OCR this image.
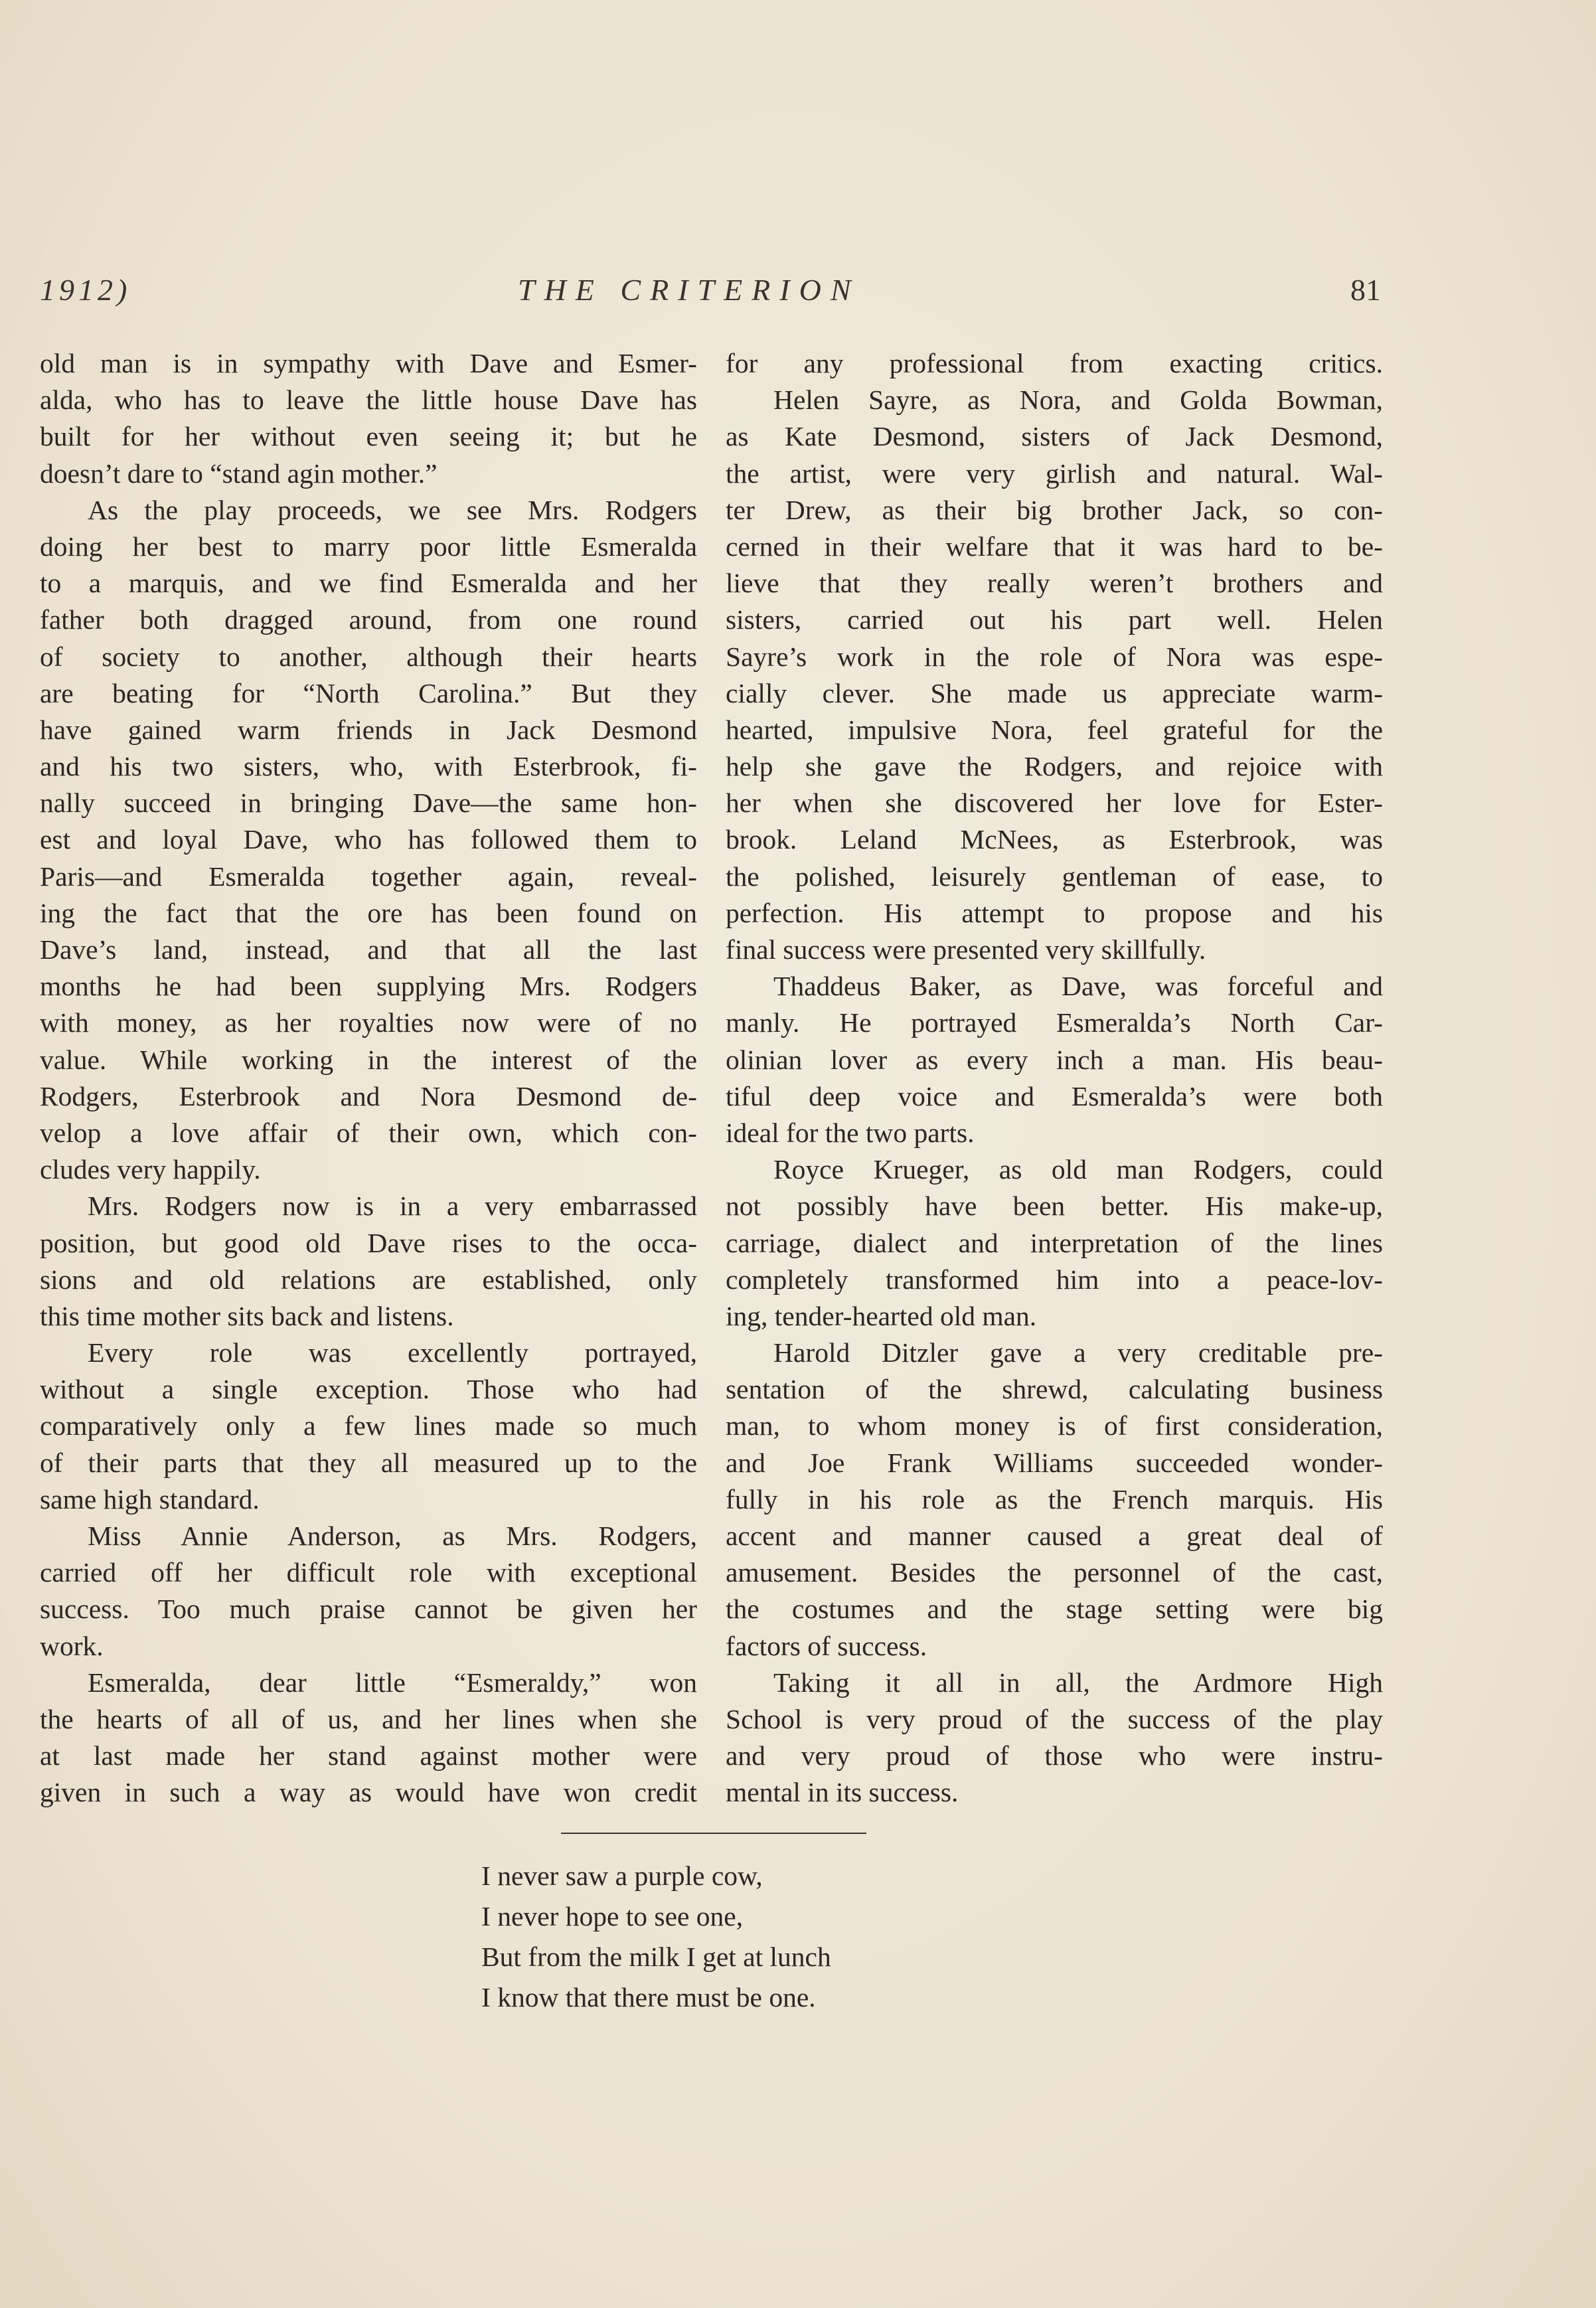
1912)	THE CRITERION	81
old man is in sympathy with Dave and Esmer-
alda, who has to leave the little house Dave has
built for her without even seeing it; but he
doesn’t dare to “stand agin mother.”
As the play proceeds, we see Mrs. Rodgers
doing her best to marry poor little Esmeralda
to a marquis, and we find Esmeralda and her
father both dragged around, from one round
of society to another, although their hearts
are beating for “North Carolina.” But they
have gained warm friends in Jack Desmond
and his two sisters, who, with Esterbrook, fi-
nally succeed in bringing Dave—the same hon-
est and loyal Dave, who has followed them to
Paris—and Esmeralda together again, reveal-
ing the fact that the ore has been found on
Dave’s land, instead, and that all the last
months he had been supplying Mrs. Rodgers
with money, as her royalties now were of no
value. While working in the interest of the
Rodgers, Esterbrook and Nora Desmond de-
velop a love affair of their own, which con-
cludes very happily.
Mrs. Rodgers now is in a very embarrassed
position, but good old Dave rises to the occa-
sions and old relations are established, only
this time mother sits back and listens.
Every role was excellently portrayed,
without a single exception. Those who had
comparatively only a few lines made so much
of their parts that they all measured up to the
same high standard.
Miss Annie Anderson, as Mrs. Rodgers,
carried off her difficult role with exceptional
success. Too much praise cannot be given her
work.
Esmeralda, dear little “Esmeraldy,” won
the hearts of all of us, and her lines when she
at last made her stand against mother were
given in such a way as would have won credit
for any professional from exacting critics.
Helen Sayre, as Nora, and Golda Bowman,
as Kate Desmond, sisters of Jack Desmond,
the artist, were very girlish and natural. Wal-
ter Drew, as their big brother Jack, so con-
cerned in their welfare that it was hard to be-
lieve that they really weren’t brothers and
sisters, carried out his part well. Helen
Sayre’s work in the role of Nora was espe-
cially clever. She made us appreciate warm-
hearted, impulsive Nora, feel grateful for the
help she gave the Rodgers, and rejoice with
her when she discovered her love for Ester-
brook. Leland McNees, as Esterbrook, was
the polished, leisurely gentleman of ease, to
perfection. His attempt to propose and his
final success were presented very skillfully.
Thaddeus Baker, as Dave, was forceful and
manly. He portrayed Esmeralda’s North Car-
olinian lover as every inch a man. His beau-
tiful deep voice and Esmeralda’s were both
ideal for the two parts.
Royce Krueger, as old man Rodgers, could
not possibly have been better. His make-up,
carriage, dialect and interpretation of the lines
completely transformed him into a peace-lov-
ing, tender-hearted old man.
Harold Ditzler gave a very creditable pre-
sentation of the shrewd, calculating business
man, to whom money is of first consideration,
and Joe Frank Williams succeeded wonder-
fully in his role as the French marquis. His
accent and manner caused a great deal of
amusement. Besides the personnel of the cast,
the costumes and the stage setting were big
factors of success.
Taking it all in all, the Ardmore High
School is very proud of the success of the play
and very proud of those who were instru-
mental in its success.
I never saw a purple cow,
I never hope to see one,
But from the milk I get at lunch
I know that there must be one.
